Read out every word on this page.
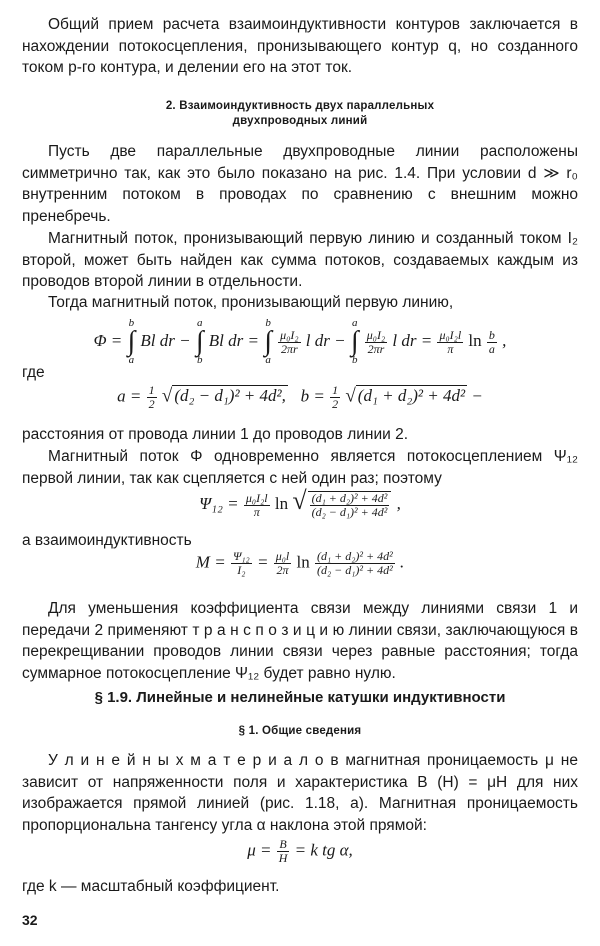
Общий прием расчета взаимоиндуктивности контуров заключается в нахождении потокосцепления, пронизывающего контур q, но созданного током p-го контура, и делении его на этот ток.

2. Взаимоиндуктивность двух параллельных двухпроводных линий

Пусть две параллельные двухпроводные линии расположены симметрично так, как это было показано на рис. 1.4. При условии d ≫ r₀ внутренним потоком в проводах по сравнению с внешним можно пренебречь.

Магнитный поток, пронизывающий первую линию и созданный током I₂ второй, может быть найден как сумма потоков, создаваемых каждым из проводов второй линии в отдельности.

Тогда магнитный поток, пронизывающий первую линию,

Φ = b
∫
a Bl dr − a
∫
b Bl dr = b
∫
a
$\frac{\text{μ₀I₂}}{2\pi r}$ l dr − a
∫
b
$\frac{\text{μ₀I₂}}{2\pi r}$ l dr = $\frac{\text{μ₀I₂l}}{\pi}$ $\ln \frac{b}{a}$ ,
где
$a = \frac{1}{2}$ √ (d₂ − d₁)² + 4d², $b = \frac{1}{2}$ √ (d₁ + d₂)² + 4d² −

расстояния от провода линии 1 до проводов линии 2.

Магнитный поток Φ одновременно является потокосцеплением Ψ₁₂ первой линии, так как сцепляется с ней один раз; поэтому

$\Psi_{12} = \frac{\text{μ₀I₂l}}{\pi}$ ln √ $\frac{\text{(d₁ + d₂)² + 4d²}}{\text{(d₂ − d₁)² + 4d²}}$ ,

а взаимоиндуктивность

$M = \frac{\text{Ψ₁₂}}{\text{I₂}} = \frac{\text{μ₀l}}{2\pi}$ $\ln \frac{\text{(d₁ + d₂)² + 4d²}}{\text{(d₂ − d₁)² + 4d²}}$ .

Для уменьшения коэффициента связи между линиями связи 1 и передачи 2 применяют т р а н с п о з и ц и ю линии связи, заключающуюся в перекрещивании проводов линии связи через равные расстояния; тогда суммарное потокосцепление Ψ₁₂ будет равно нулю.

§ 1.9. Линейные и нелинейные катушки индуктивности

§ 1. Общие сведения

У л и н е й н ы х м а т е р и а л о в магнитная проницаемость μ не зависит от напряженности поля и характеристика B (H) = μH для них изображается прямой линией (рис. 1.18, а). Магнитная проницаемость пропорциональна тангенсу угла α наклона этой прямой:

$\mu = \frac{B}{H} = k$ tg α,

где k — масштабный коэффициент.

32
